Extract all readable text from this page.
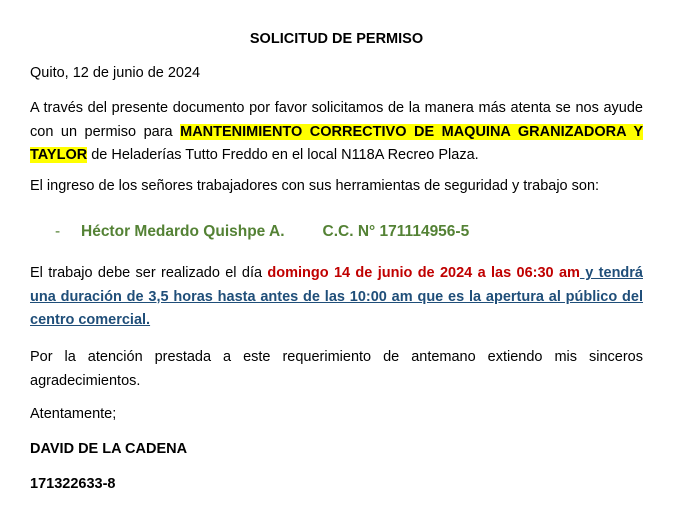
SOLICITUD DE PERMISO
Quito, 12 de junio de 2024
A través del presente documento por favor solicitamos de la manera más atenta se nos ayude con un permiso para MANTENIMIENTO CORRECTIVO DE MAQUINA GRANIZADORA Y TAYLOR de Heladerías Tutto Freddo en el local N118A Recreo Plaza.
El ingreso de los señores trabajadores con sus herramientas de seguridad y trabajo son:
- Héctor Medardo Quishpe A. C.C. N° 171114956-5
El trabajo debe ser realizado el día domingo 14 de junio de 2024 a las 06:30 am y tendrá una duración de 3,5 horas hasta antes de las 10:00 am que es la apertura al público del centro comercial.
Por la atención prestada a este requerimiento de antemano extiendo mis sinceros agradecimientos.
Atentamente;
DAVID DE LA CADENA
171322633-8
